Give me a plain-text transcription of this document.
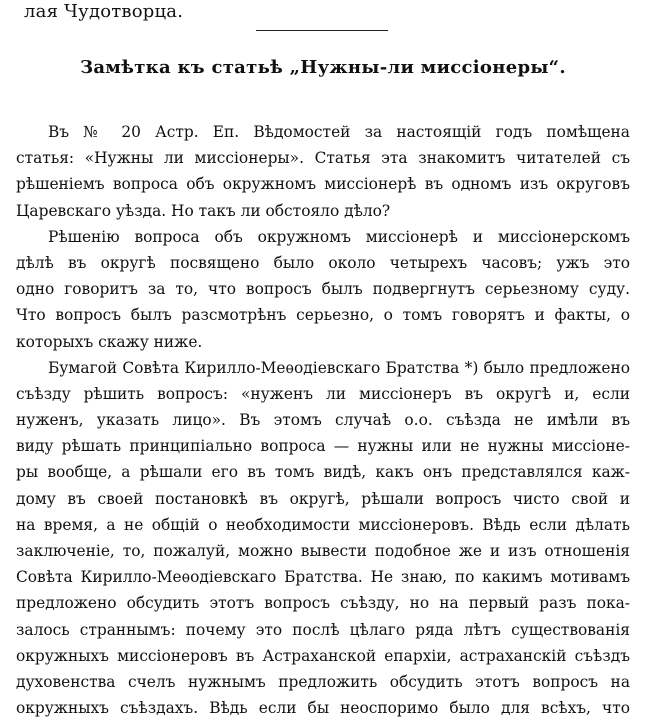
лая Чудотворца.
Замѣтка къ статьѣ „Нужны-ли миссіонеры“.
Въ № 20 Астр. Еп. Вѣдомостей за настоящій годъ помѣщена
статья: «Нужны ли миссіонеры». Статья эта знакомитъ читателей съ
рѣшеніемъ вопроса объ окружномъ миссіонерѣ въ одномъ изъ округовъ
Царевскаго уѣзда. Но такъ ли обстояло дѣло?
Рѣшенію вопроса объ окружномъ миссіонерѣ и миссіонерскомъ
дѣлѣ въ округѣ посвящено было около четырехъ часовъ; ужъ это
одно говоритъ за то, что вопросъ былъ подвергнутъ серьезному суду.
Что вопросъ былъ разсмотрѣнъ серьезно, о томъ говорятъ и факты, о
которыхъ скажу ниже.
Бумагой Совѣта Кирилло-Меѳодіевскаго Братства *) было предложено
съѣзду рѣшить вопросъ: «нуженъ ли миссіонеръ въ округѣ и, если
нуженъ, указать лицо». Въ этомъ случаѣ о.о. съѣзда не имѣли въ
виду рѣшать принципіально вопроса — нужны или не нужны миссіоне-
ры вообще, а рѣшали его въ томъ видѣ, какъ онъ представлялся каж-
дому въ своей постановкѣ въ округѣ, рѣшали вопросъ чисто свой и
на время, а не общій о необходимости миссіонеровъ. Вѣдь если дѣлать
заключеніе, то, пожалуй, можно вывести подобное же и изъ отношенія
Совѣта Кирилло-Меѳодіевскаго Братства. Не знаю, по какимъ мотивамъ
предложено обсудить этотъ вопросъ съѣзду, но на первый разъ пока-
залось страннымъ: почему это послѣ цѣлаго ряда лѣтъ существованія
окружныхъ миссіонеровъ въ Астраханской епархіи, астраханскій съѣздъ
духовенства счелъ нужнымъ предложить обсудить этотъ вопросъ на
окружныхъ съѣздахъ. Вѣдь если бы неоспоримо было для всѣхъ, что
